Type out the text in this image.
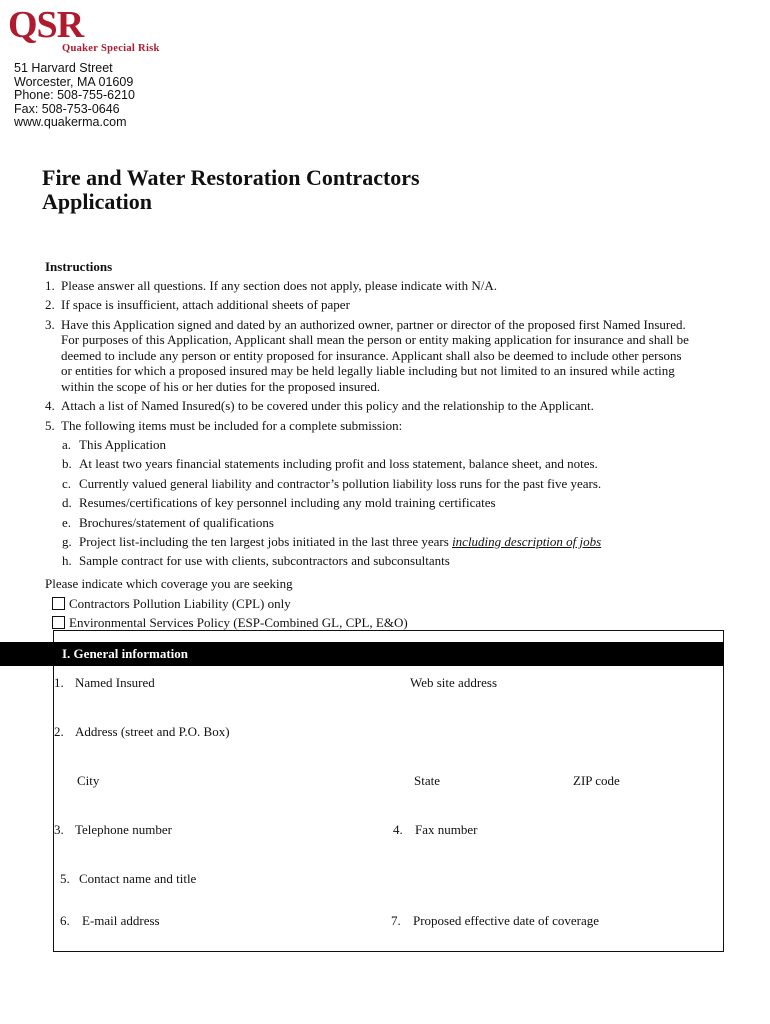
QSR
Quaker Special Risk
51 Harvard Street
Worcester, MA 01609
Phone: 508-755-6210
Fax: 508-753-0646
www.quakerma.com
Fire and Water Restoration Contractors
Application
Instructions
1. Please answer all questions. If any section does not apply, please indicate with N/A.
2. If space is insufficient, attach additional sheets of paper
3. Have this Application signed and dated by an authorized owner, partner or director of the proposed first Named Insured.
For purposes of this Application, Applicant shall mean the person or entity making application for insurance and shall be
deemed to include any person or entity proposed for insurance. Applicant shall also be deemed to include other persons
or entities for which a proposed insured may be held legally liable including but not limited to an insured while acting
within the scope of his or her duties for the proposed insured.
4. Attach a list of Named Insured(s) to be covered under this policy and the relationship to the Applicant.
5. The following items must be included for a complete submission:
a. This Application
b. At least two years financial statements including profit and loss statement, balance sheet, and notes.
c. Currently valued general liability and contractor’s pollution liability loss runs for the past five years.
d. Resumes/certifications of key personnel including any mold training certificates
e. Brochures/statement of qualifications
g. Project list-including the ten largest jobs initiated in the last three years including description of jobs
h. Sample contract for use with clients, subcontractors and subconsultants
Please indicate which coverage you are seeking
Contractors Pollution Liability (CPL) only
Environmental Services Policy (ESP-Combined GL, CPL, E&O)
I. General information
1. Named Insured	Web site address
2. Address (street and P.O. Box)
City	State	ZIP code
3. Telephone number	4. Fax number
5. Contact name and title
6. E-mail address	7. Proposed effective date of coverage
